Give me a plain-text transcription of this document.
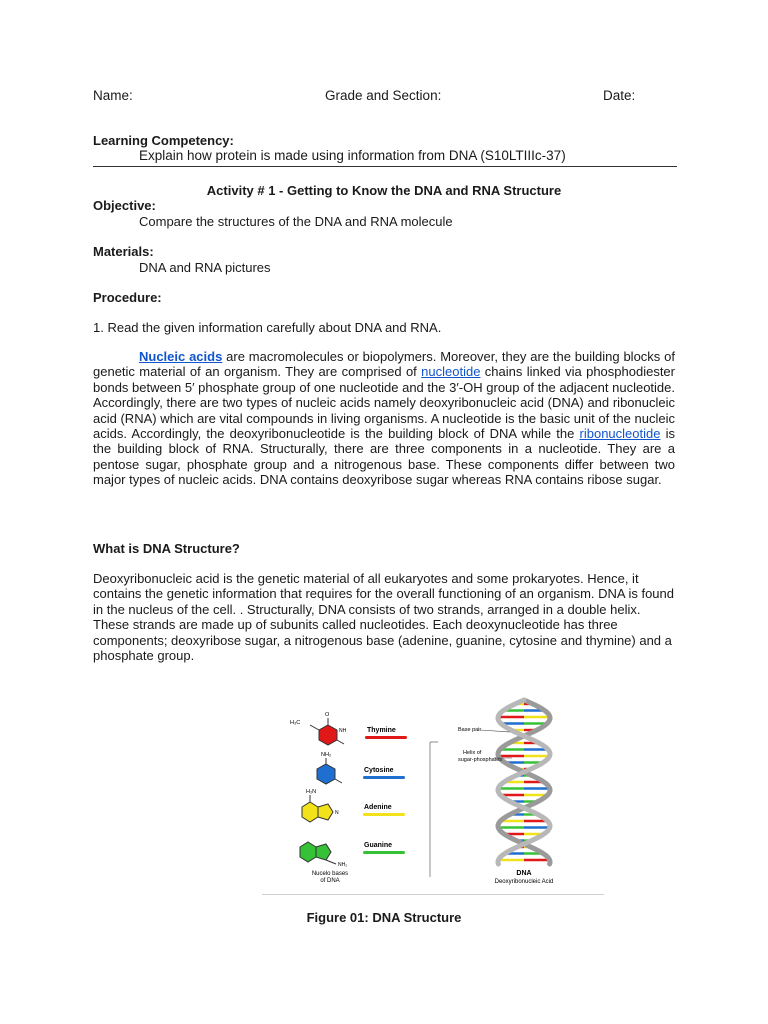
Name:	Grade and Section:	Date:
Learning Competency:
Explain how protein is made using information from DNA (S10LTIIIc-37)
Activity # 1 - Getting to Know the DNA and RNA Structure
Objective:
Compare the structures of the DNA and RNA molecule
Materials:
DNA and RNA pictures
Procedure:
1. Read the given information carefully about DNA and RNA.
Nucleic acids are macromolecules or biopolymers. Moreover, they are the building blocks of genetic material of an organism. They are comprised of nucleotide chains linked via phosphodiester bonds between 5′ phosphate group of one nucleotide and the 3′-OH group of the adjacent nucleotide. Accordingly, there are two types of nucleic acids namely deoxyribonucleic acid (DNA) and ribonucleic acid (RNA) which are vital compounds in living organisms. A nucleotide is the basic unit of the nucleic acids. Accordingly, the deoxyribonucleotide is the building block of DNA while the ribonucleotide is the building block of RNA. Structurally, there are three components in a nucleotide. They are a pentose sugar, phosphate group and a nitrogenous base. These components differ between two major types of nucleic acids. DNA contains deoxyribose sugar whereas RNA contains ribose sugar.
What is DNA Structure?
Deoxyribonucleic acid is the genetic material of all eukaryotes and some prokaryotes. Hence, it contains the genetic information that requires for the overall functioning of an organism. DNA is found in the nucleus of the cell. . Structurally, DNA consists of two strands, arranged in a double helix. These strands are made up of subunits called nucleotides. Each deoxynucleotide has three components; deoxyribose sugar, a nitrogenous base (adenine, guanine, cytosine and thymine) and a phosphate group.
H₃C
O
NH
NH₂
H₂N
N
NH₂
Thymine
Cytosine
Adenine
Guanine
Nucelo bases
of DNA
Base pair
Helix of
sugar-phosphates
DNA
Deoxyribonucleic Acid
Figure 01: DNA Structure
